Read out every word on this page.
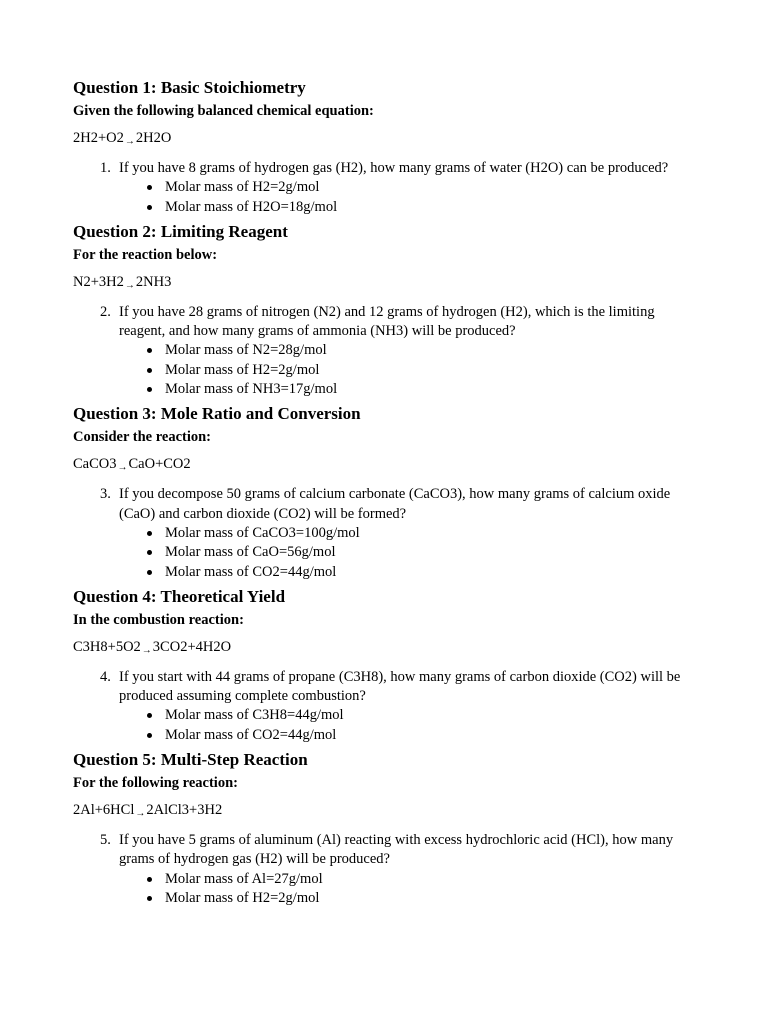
Question 1: Basic Stoichiometry
Given the following balanced chemical equation:
2H2+O2→2H2O
1. If you have 8 grams of hydrogen gas (H2), how many grams of water (H2O) can be produced?
Molar mass of H2=2g/mol
Molar mass of H2O=18g/mol
Question 2: Limiting Reagent
For the reaction below:
N2+3H2→2NH3
2. If you have 28 grams of nitrogen (N2) and 12 grams of hydrogen (H2), which is the limiting reagent, and how many grams of ammonia (NH3) will be produced?
Molar mass of N2=28g/mol
Molar mass of H2=2g/mol
Molar mass of NH3=17g/mol
Question 3: Mole Ratio and Conversion
Consider the reaction:
CaCO3→CaO+CO2
3. If you decompose 50 grams of calcium carbonate (CaCO3), how many grams of calcium oxide (CaO) and carbon dioxide (CO2) will be formed?
Molar mass of CaCO3=100g/mol
Molar mass of CaO=56g/mol
Molar mass of CO2=44g/mol
Question 4: Theoretical Yield
In the combustion reaction:
C3H8+5O2→3CO2+4H2O
4. If you start with 44 grams of propane (C3H8), how many grams of carbon dioxide (CO2) will be produced assuming complete combustion?
Molar mass of C3H8=44g/mol
Molar mass of CO2=44g/mol
Question 5: Multi-Step Reaction
For the following reaction:
2Al+6HCl→2AlCl3+3H2
5. If you have 5 grams of aluminum (Al) reacting with excess hydrochloric acid (HCl), how many grams of hydrogen gas (H2) will be produced?
Molar mass of Al=27g/mol
Molar mass of H2=2g/mol
